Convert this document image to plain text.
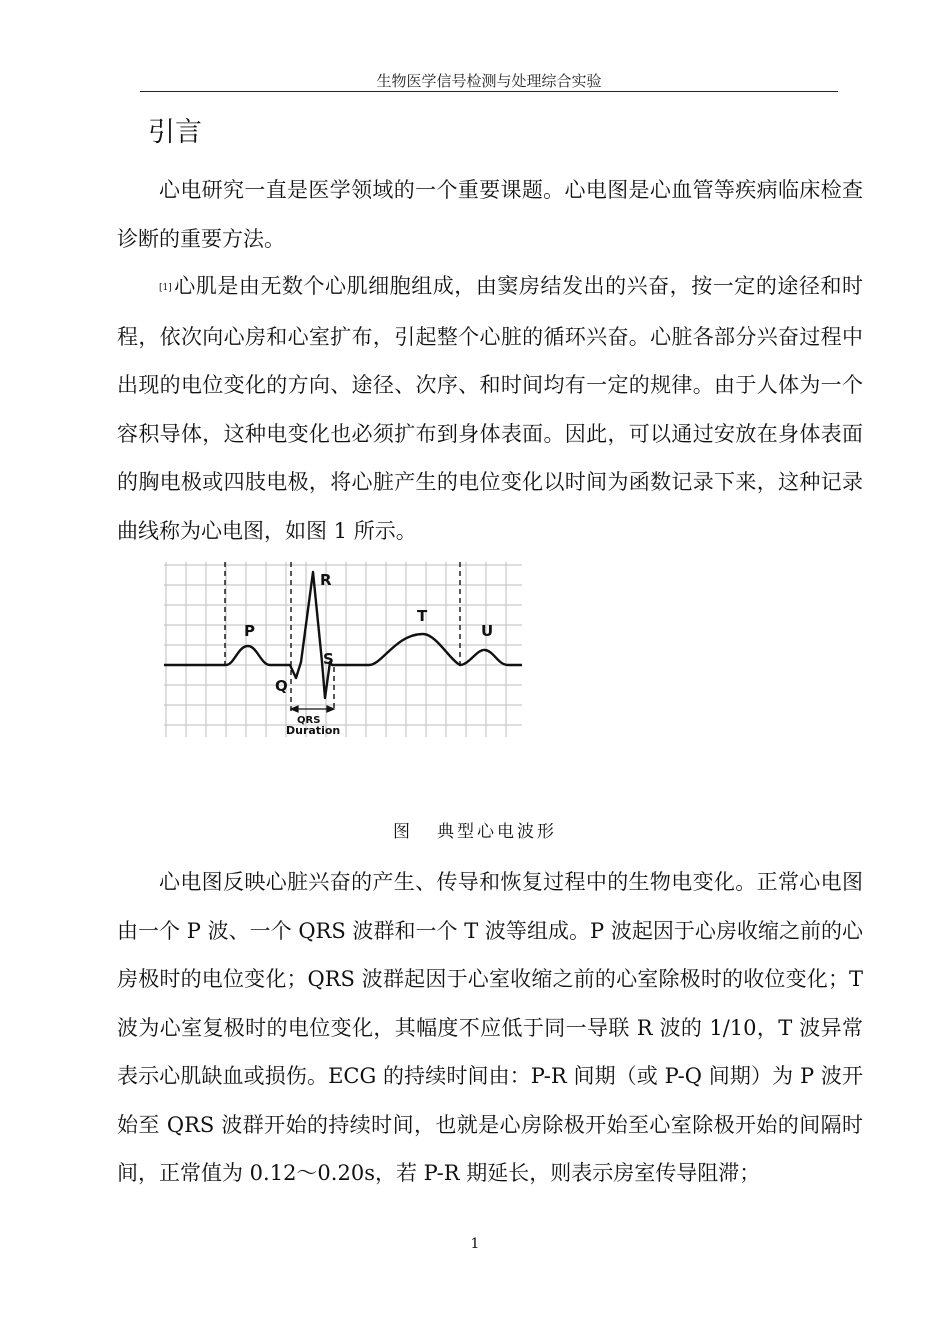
生物医学信号检测与处理综合实验
引言

心电研究一直是医学领域的一个重要课题。心电图是心血管等疾病临床检查诊断的重要方法。

[1]心肌是由无数个心肌细胞组成，由窦房结发出的兴奋，按一定的途径和时程，依次向心房和心室扩布，引起整个心脏的循环兴奋。心脏各部分兴奋过程中出现的电位变化的方向、途径、次序、和时间均有一定的规律。由于人体为一个容积导体，这种电变化也必须扩布到身体表面。因此，可以通过安放在身体表面的胸电极或四肢电极，将心脏产生的电位变化以时间为函数记录下来，这种记录曲线称为心电图，如图 1 所示。

P
Q
R
S
T
U
QRS
Duration
图 典型心电波形

心电图反映心脏兴奋的产生、传导和恢复过程中的生物电变化。正常心电图由一个 P 波、一个 QRS 波群和一个 T 波等组成。P 波起因于心房收缩之前的心房极时的电位变化；QRS 波群起因于心室收缩之前的心室除极时的收位变化；T 波为心室复极时的电位变化，其幅度不应低于同一导联 R 波的 1/10，T 波异常表示心肌缺血或损伤。ECG 的持续时间由：P-R 间期（或 P-Q 间期）为 P 波开始至 QRS 波群开始的持续时间，也就是心房除极开始至心室除极开始的间隔时间，正常值为 0.12～0.20s，若 P-R 期延长，则表示房室传导阻滞；

1
